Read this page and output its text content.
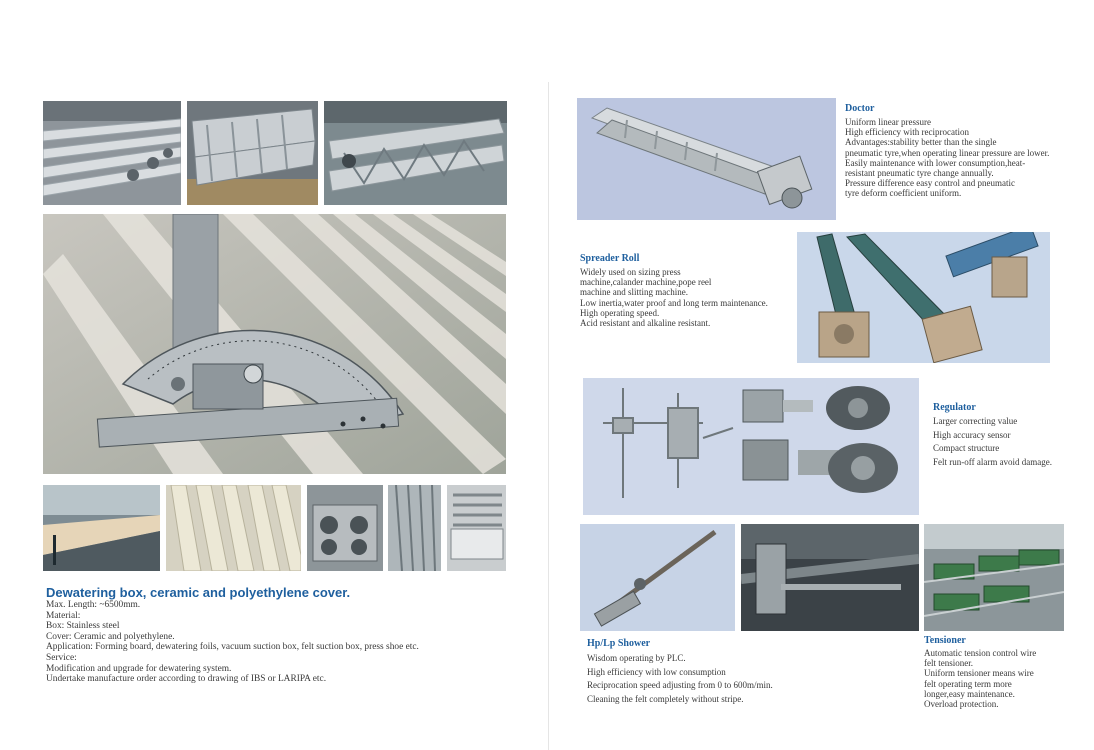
Dewatering box, ceramic and polyethylene cover.
Max. Length: ~6500mm.
Material:
Box: Stainless steel
Cover: Ceramic and polyethylene.
Application: Forming board, dewatering foils, vacuum suction box, felt suction box, press shoe etc.
Service:
Modification and upgrade for dewatering system.
Undertake manufacture order according to drawing of IBS or LARIPA etc.
Doctor
Uniform linear pressure
High efficiency with reciprocation
Advantages:stability better than the single
pneumatic tyre,when operating linear pressure are lower.
Easily maintenance with lower consumption,heat-
resistant pneumatic tyre change annually.
Pressure difference easy control and pneumatic
tyre deform coefficient uniform.
Spreader Roll
Widely used on sizing press
machine,calander machine,pope reel
machine and slitting machine.
Low inertia,water proof and long term maintenance.
High operating speed.
Acid resistant and alkaline resistant.
Regulator
Larger correcting value
High accuracy sensor
Compact structure
Felt run-off alarm avoid damage.
Hp/Lp Shower
Wisdom operating by PLC.
High efficiency with low consumption
Reciprocation speed adjusting from 0 to 600m/min.
Cleaning the felt completely without stripe.
Tensioner
Automatic tension control wire
felt tensioner.
Uniform tensioner means wire
felt operating term more
longer,easy maintenance.
Overload protection.
